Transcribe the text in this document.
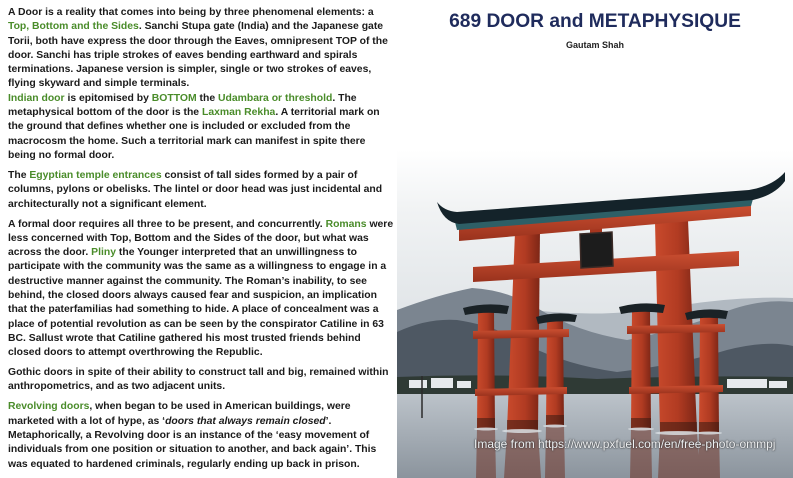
A Door is a reality that comes into being by three phenomenal elements: a Top, Bottom and the Sides. Sanchi Stupa gate (India) and the Japanese gate Torii, both have express the door through the Eaves, omnipresent TOP of the door. Sanchi has triple strokes of eaves bending earthward and spirals terminations. Japanese version is simpler, single or two strokes of eaves, flying skyward and simple terminals.

Indian door is epitomised by BOTTOM the Udambara or threshold. The metaphysical bottom of the door is the Laxman Rekha. A territorial mark on the ground that defines whether one is included or excluded from the macrocosm the home. Such a territorial mark can manifest in spite there being no formal door.

The Egyptian temple entrances consist of tall sides formed by a pair of columns, pylons or obelisks. The lintel or door head was just incidental and architecturally not a significant element.

A formal door requires all three to be present, and concurrently. Romans were less concerned with Top, Bottom and the Sides of the door, but what was across the door. Pliny the Younger interpreted that an unwillingness to participate with the community was the same as a willingness to engage in a destructive manner against the community. The Roman’s inability, to see behind, the closed doors always caused fear and suspicion, an implication that the paterfamilias had something to hide. A place of concealment was a place of potential revolution as can be seen by the conspirator Catiline in 63 BC. Sallust wrote that Catiline gathered his most trusted friends behind closed doors to attempt overthrowing the Republic.

Gothic doors in spite of their ability to construct tall and big, remained within anthropometrics, and as two adjacent units.

Revolving doors, when began to be used in American buildings, were marketed with a lot of hype, as ‘doors that always remain closed’. Metaphorically, a Revolving door is an instance of the ‘easy movement of individuals from one position or situation to another, and back again’. This was equated to hardened criminals, regularly ending up back in prison.

689 DOOR and METAPHYSIQUE
Gautam Shah
Image from https://www.pxfuel.com/en/free-photo-ommpj
